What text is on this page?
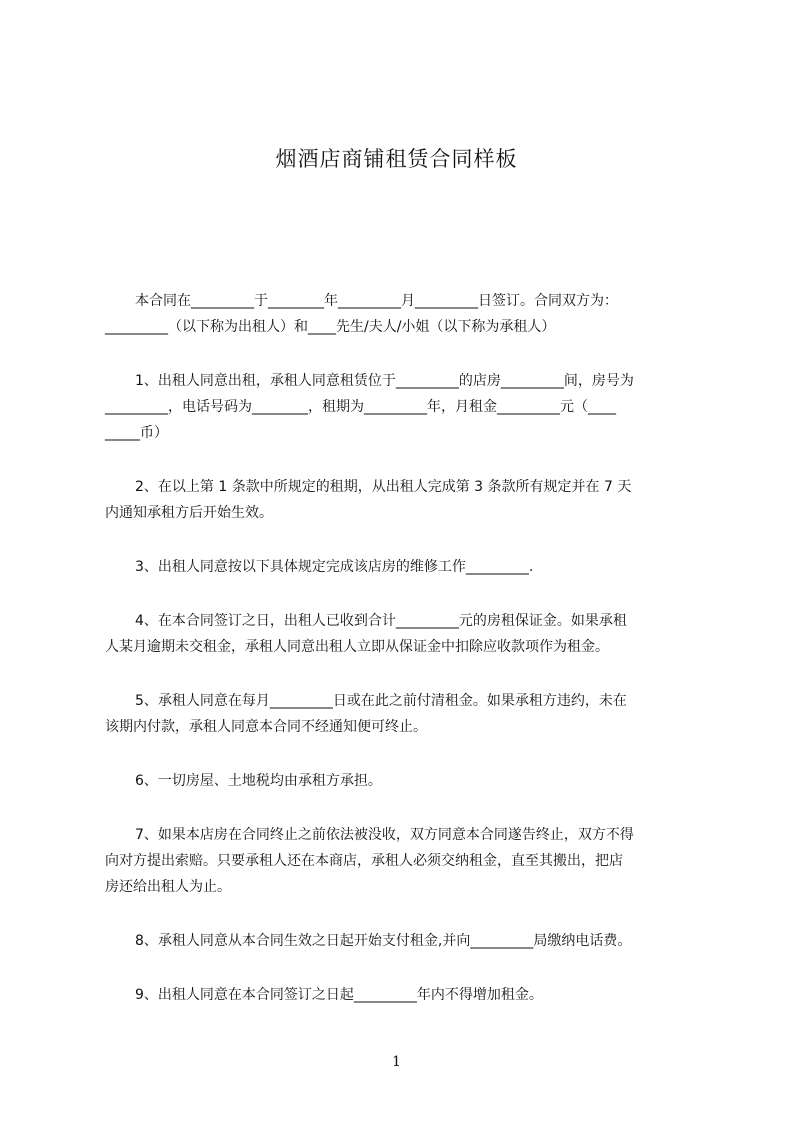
烟酒店商铺租赁合同样板

本合同在_________于________年_________月_________日签订。合同双方为：
_________（以下称为出租人）和____先生/夫人/小姐（以下称为承租人）

1、出租人同意出租，承租人同意租赁位于_________的店房_________间，房号为
_________，电话号码为________，租期为_________年，月租金_________元（____
_____币）

2、在以上第 1 条款中所规定的租期，从出租人完成第 3 条款所有规定并在 7 天
内通知承租方后开始生效。

3、出租人同意按以下具体规定完成该店房的维修工作_________.

4、在本合同签订之日，出租人已收到合计_________元的房租保证金。如果承租
人某月逾期未交租金，承租人同意出租人立即从保证金中扣除应收款项作为租金。

5、承租人同意在每月_________日或在此之前付清租金。如果承租方违约，未在
该期内付款，承租人同意本合同不经通知便可终止。

6、一切房屋、土地税均由承租方承担。

7、如果本店房在合同终止之前依法被没收，双方同意本合同遂告终止，双方不得
向对方提出索赔。只要承租人还在本商店，承租人必须交纳租金，直至其搬出，把店
房还给出租人为止。

8、承租人同意从本合同生效之日起开始支付租金,并向_________局缴纳电话费。

9、出租人同意在本合同签订之日起_________年内不得增加租金。

1
